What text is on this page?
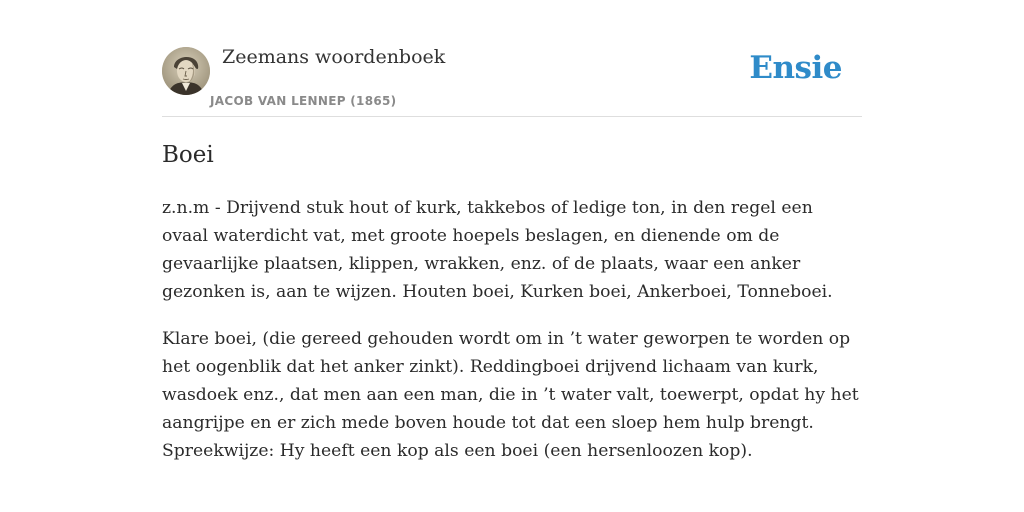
Zeemans woordenboek
JACOB VAN LENNEP (1865)
Ensie
Boei

z.n.m - Drijvend stuk hout of kurk, takkebos of ledige ton, in den regel een ovaal waterdicht vat, met groote hoepels beslagen, en dienende om de gevaarlijke plaatsen, klippen, wrakken, enz. of de plaats, waar een anker gezonken is, aan te wijzen. Houten boei, Kurken boei, Ankerboei, Tonneboei.

Klare boei, (die gereed gehouden wordt om in ’t water geworpen te worden op het oogenblik dat het anker zinkt). Reddingboei drijvend lichaam van kurk, wasdoek enz., dat men aan een man, die in ’t water valt, toewerpt, opdat hy het aangrijpe en er zich mede boven houde tot dat een sloep hem hulp brengt. Spreekwijze: Hy heeft een kop als een boei (een hersenloozen kop).
